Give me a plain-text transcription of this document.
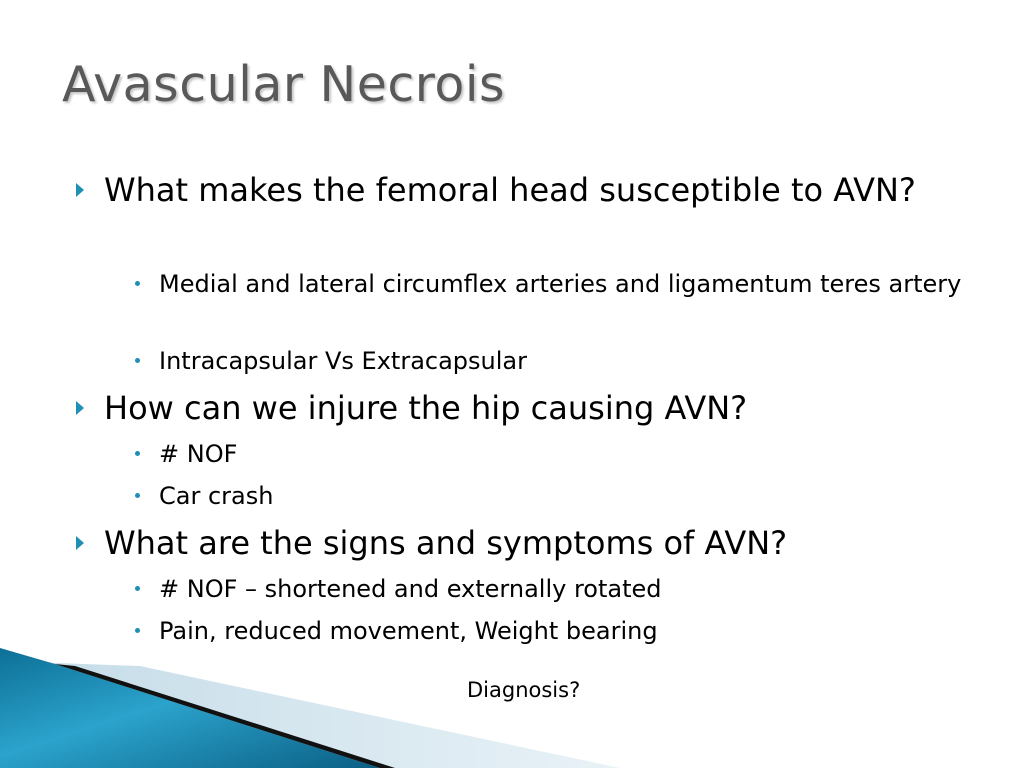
Avascular Necrois
What makes the femoral head susceptible to AVN?
Medial and lateral circumflex arteries and ligamentum teres artery
Intracapsular Vs Extracapsular
How can we injure the hip causing AVN?
# NOF
Car crash
What are the signs and symptoms of AVN?
# NOF – shortened and externally rotated
Pain, reduced movement, Weight bearing
Diagnosis?
